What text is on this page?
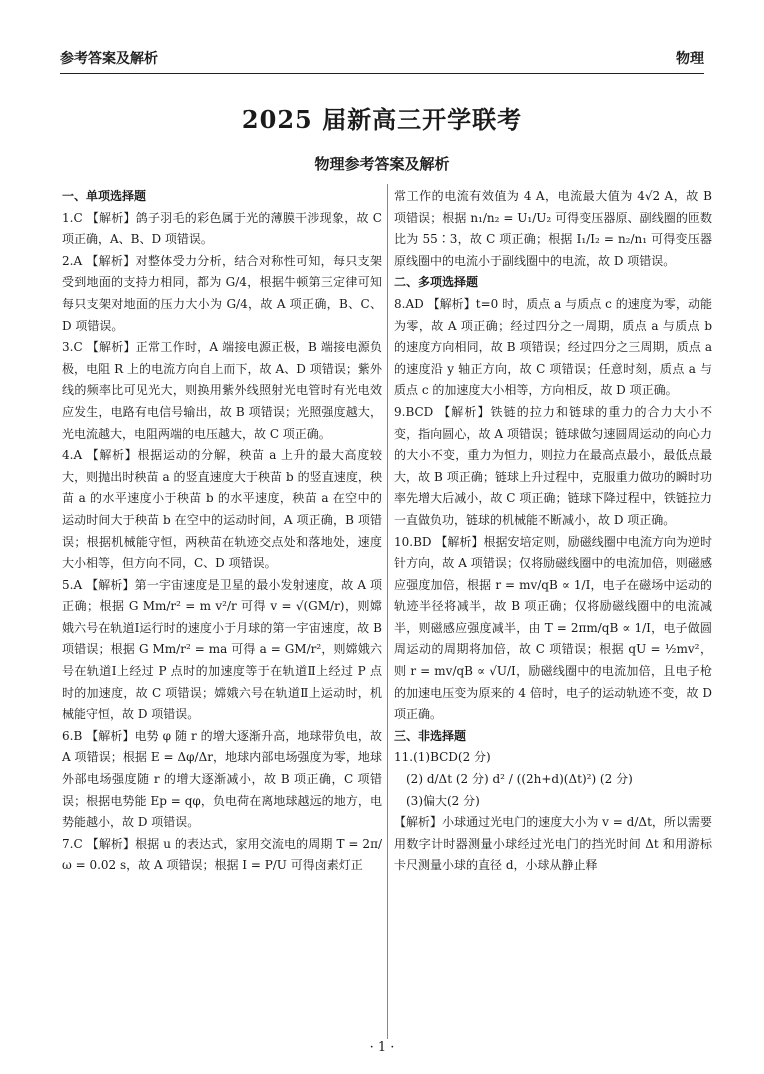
参考答案及解析	物理
2025 届新高三开学联考
物理参考答案及解析
一、单项选择题
1.C 【解析】鸽子羽毛的彩色属于光的薄膜干涉现象，故 C 项正确，A、B、D 项错误。
2.A 【解析】对整体受力分析，结合对称性可知，每只支架受到地面的支持力相同，都为 G/4，根据牛顿第三定律可知每只支架对地面的压力大小为 G/4，故 A 项正确，B、C、D 项错误。
3.C 【解析】正常工作时，A 端接电源正极，B 端接电源负极，电阻 R 上的电流方向自上而下，故 A、D 项错误；紫外线的频率比可见光大，则换用紫外线照射光电管时有光电效应发生，电路有电信号输出，故 B 项错误；光照强度越大，光电流越大，电阻两端的电压越大，故 C 项正确。
4.A 【解析】根据运动的分解，秧苗 a 上升的最大高度较大，则抛出时秧苗 a 的竖直速度大于秧苗 b 的竖直速度，秧苗 a 的水平速度小于秧苗 b 的水平速度，秧苗 a 在空中的运动时间大于秧苗 b 在空中的运动时间，A 项正确，B 项错误；根据机械能守恒，两秧苗在轨迹交点处和落地处，速度大小相等，但方向不同，C、D 项错误。
5.A 【解析】第一宇宙速度是卫星的最小发射速度，故 A 项正确；根据 G Mm/r² = m v²/r 可得 v = √(GM/r)，则嫦娥六号在轨道Ⅰ运行时的速度小于月球的第一宇宙速度，故 B 项错误；根据 G Mm/r² = ma 可得 a = GM/r²，则嫦娥六号在轨道Ⅰ上经过 P 点时的加速度等于在轨道Ⅱ上经过 P 点时的加速度，故 C 项错误；嫦娥六号在轨道Ⅱ上运动时，机械能守恒，故 D 项错误。
6.B 【解析】电势 φ 随 r 的增大逐渐升高，地球带负电，故 A 项错误；根据 E = Δφ/Δr，地球内部电场强度为零，地球外部电场强度随 r 的增大逐渐减小，故 B 项正确，C 项错误；根据电势能 Ep = qφ，负电荷在离地球越远的地方，电势能越小，故 D 项错误。
7.C 【解析】根据 u 的表达式，家用交流电的周期 T = 2π/ω = 0.02 s，故 A 项错误；根据 I = P/U 可得卤素灯正
常工作的电流有效值为 4 A，电流最大值为 4√2 A，故 B 项错误；根据 n₁/n₂ = U₁/U₂ 可得变压器原、副线圈的匝数比为 55∶3，故 C 项正确；根据 I₁/I₂ = n₂/n₁ 可得变压器原线圈中的电流小于副线圈中的电流，故 D 项错误。
二、多项选择题
8.AD 【解析】t=0 时，质点 a 与质点 c 的速度为零，动能为零，故 A 项正确；经过四分之一周期，质点 a 与质点 b 的速度方向相同，故 B 项错误；经过四分之三周期，质点 a 的速度沿 y 轴正方向，故 C 项错误；任意时刻，质点 a 与质点 c 的加速度大小相等，方向相反，故 D 项正确。
9.BCD 【解析】铁链的拉力和链球的重力的合力大小不变，指向圆心，故 A 项错误；链球做匀速圆周运动的向心力的大小不变，重力为恒力，则拉力在最高点最小，最低点最大，故 B 项正确；链球上升过程中，克服重力做功的瞬时功率先增大后减小，故 C 项正确；链球下降过程中，铁链拉力一直做负功，链球的机械能不断减小，故 D 项正确。
10.BD 【解析】根据安培定则，励磁线圈中电流方向为逆时针方向，故 A 项错误；仅将励磁线圈中的电流加倍，则磁感应强度加倍，根据 r = mv/qB ∝ 1/I，电子在磁场中运动的轨迹半径将减半，故 B 项正确；仅将励磁线圈中的电流减半，则磁感应强度减半，由 T = 2πm/qB ∝ 1/I，电子做圆周运动的周期将加倍，故 C 项错误；根据 qU = ½mv²，则 r = mv/qB ∝ √U/I，励磁线圈中的电流加倍，且电子枪的加速电压变为原来的 4 倍时，电子的运动轨迹不变，故 D 项正确。
三、非选择题
11.(1)BCD(2 分)
(2) d/Δt (2 分) d² / ((2h+d)(Δt)²) (2 分)
(3)偏大(2 分)
【解析】小球通过光电门的速度大小为 v = d/Δt，所以需要用数字计时器测量小球经过光电门的挡光时间 Δt 和用游标卡尺测量小球的直径 d，小球从静止释
· 1 ·
